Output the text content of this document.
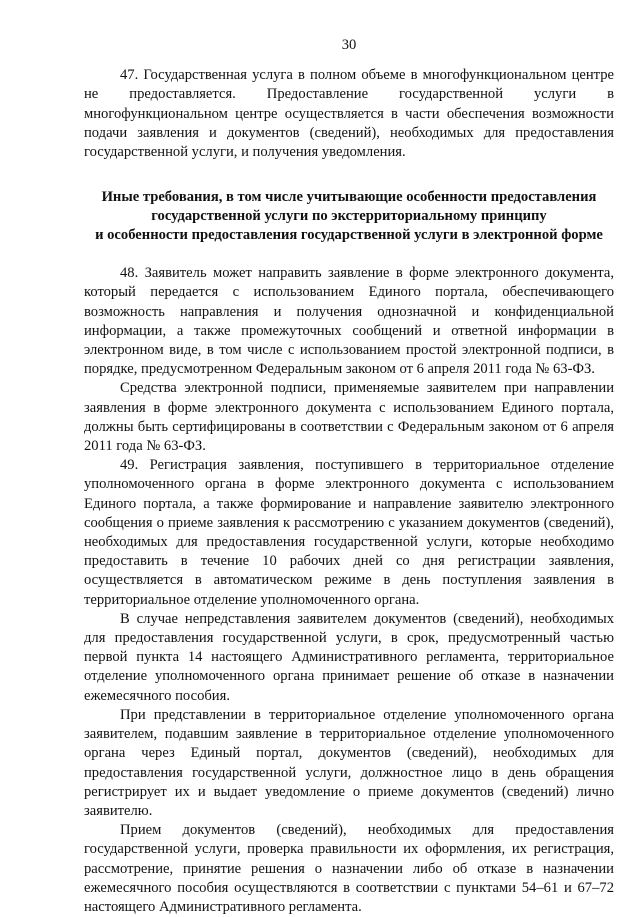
30

47. Государственная услуга в полном объеме в многофункциональном центре не предоставляется. Предоставление государственной услуги в многофункциональном центре осуществляется в части обеспечения возможности подачи заявления и документов (сведений), необходимых для предоставления государственной услуги, и получения уведомления.

Иные требования, в том числе учитывающие особенности предоставления
государственной услуги по экстерриториальному принципу
и особенности предоставления государственной услуги в электронной форме

48. Заявитель может направить заявление в форме электронного документа, который передается с использованием Единого портала, обеспечивающего возможность направления и получения однозначной и конфиденциальной информации, а также промежуточных сообщений и ответной информации в электронном виде, в том числе с использованием простой электронной подписи, в порядке, предусмотренном Федеральным законом от 6 апреля 2011 года № 63-ФЗ.

Средства электронной подписи, применяемые заявителем при направлении заявления в форме электронного документа с использованием Единого портала, должны быть сертифицированы в соответствии с Федеральным законом от 6 апреля 2011 года № 63-ФЗ.

49. Регистрация заявления, поступившего в территориальное отделение уполномоченного органа в форме электронного документа с использованием Единого портала, а также формирование и направление заявителю электронного сообщения о приеме заявления к рассмотрению с указанием документов (сведений), необходимых для предоставления государственной услуги, которые необходимо предоставить в течение 10 рабочих дней со дня регистрации заявления, осуществляется в автоматическом режиме в день поступления заявления в территориальное отделение уполномоченного органа.

В случае непредставления заявителем документов (сведений), необходимых для предоставления государственной услуги, в срок, предусмотренный частью первой пункта 14 настоящего Административного регламента, территориальное отделение уполномоченного органа принимает решение об отказе в назначении ежемесячного пособия.

При представлении в территориальное отделение уполномоченного органа заявителем, подавшим заявление в территориальное отделение уполномоченного органа через Единый портал, документов (сведений), необходимых для предоставления государственной услуги, должностное лицо в день обращения регистрирует их и выдает уведомление о приеме документов (сведений) лично заявителю.

Прием документов (сведений), необходимых для предоставления государственной услуги, проверка правильности их оформления, их регистрация, рассмотрение, принятие решения о назначении либо об отказе в назначении ежемесячного пособия осуществляются в соответствии с пунктами 54–61 и 67–72 настоящего Административного регламента.
